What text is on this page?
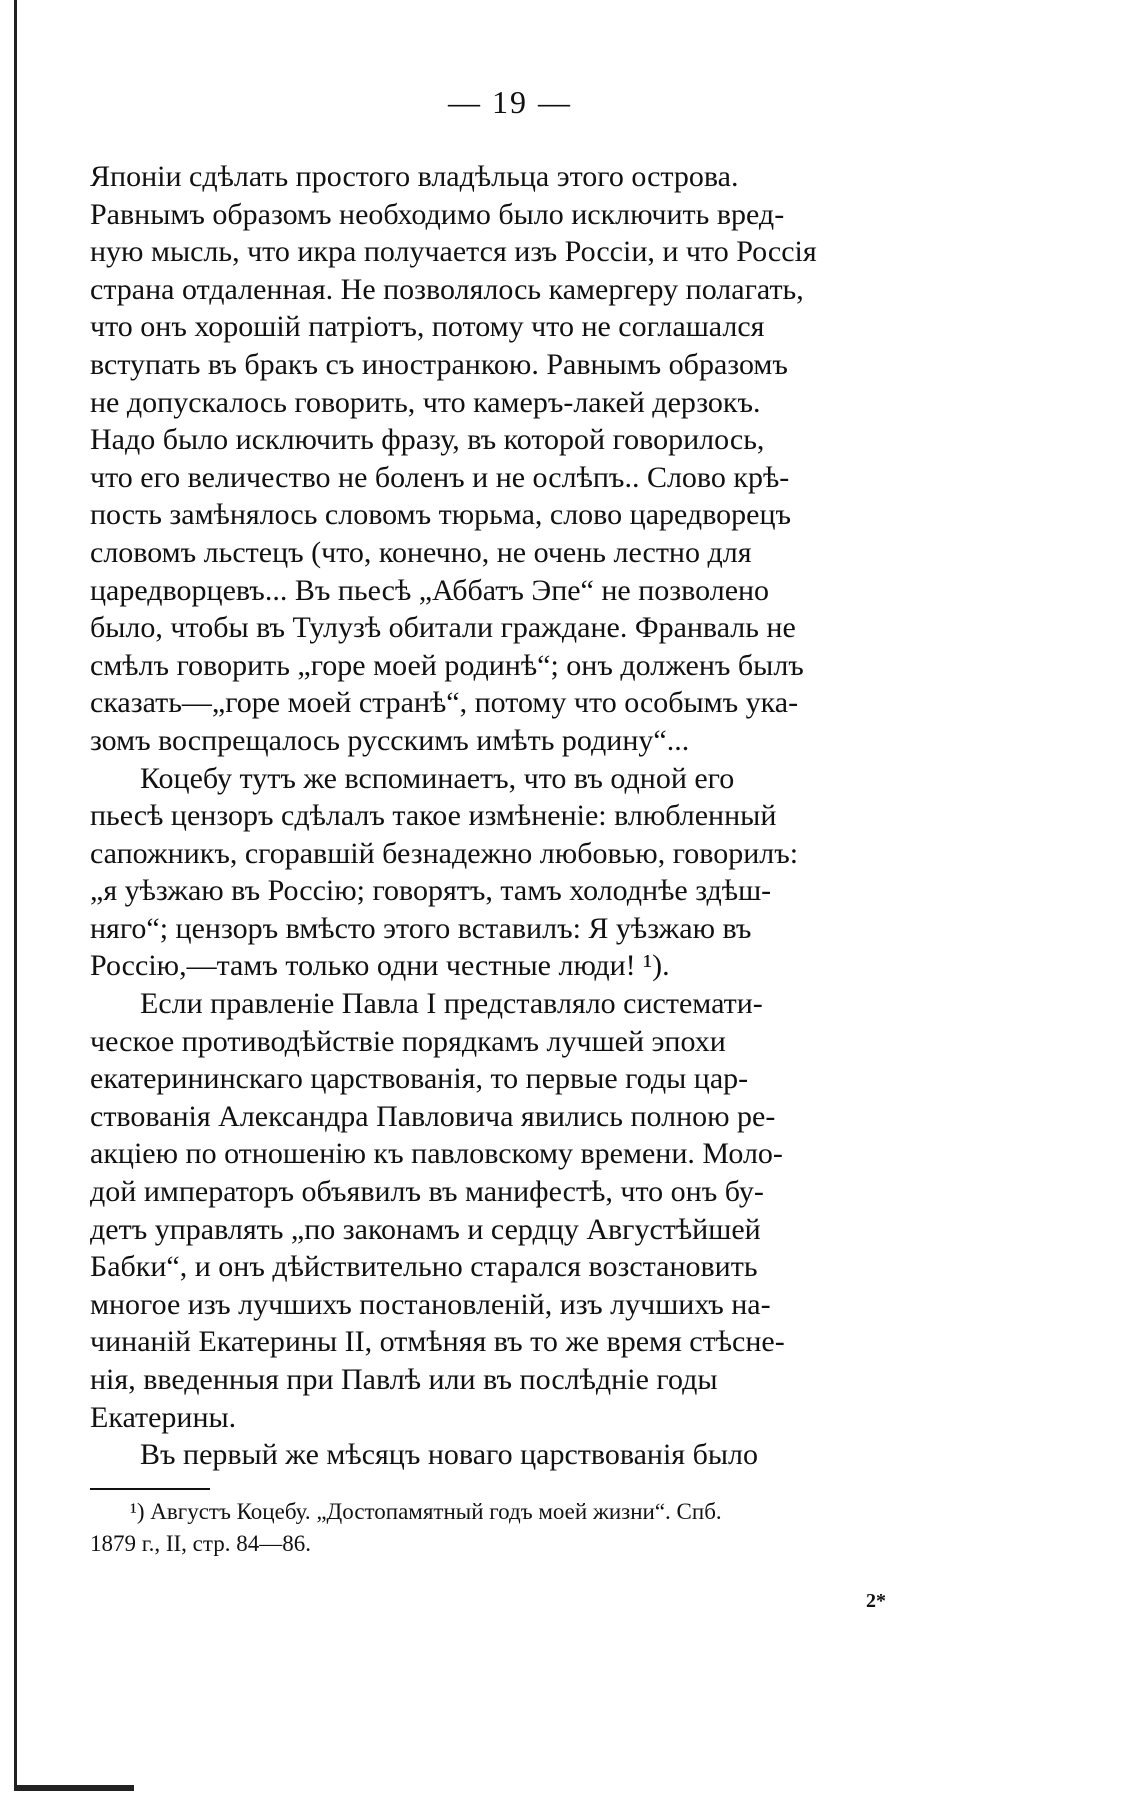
— 19 —

Японіи сдѣлать простого владѣльца этого острова.
Равнымъ образомъ необходимо было исключить вред-
ную мысль, что икра получается изъ Россіи, и что Россія
страна отдаленная. Не позволялось камергеру полагать,
что онъ хорошій патріотъ, потому что не соглашался
вступать въ бракъ съ иностранкою. Равнымъ образомъ
не допускалось говорить, что камеръ-лакей дерзокъ.
Надо было исключить фразу, въ которой говорилось,
что его величество не боленъ и не ослѣпъ.. Слово крѣ-
пость замѣнялось словомъ тюрьма, слово царедворецъ
словомъ льстецъ (что, конечно, не очень лестно для
царедворцевъ... Въ пьесѣ „Аббатъ Эпе“ не позволено
было, чтобы въ Тулузѣ обитали граждане. Франваль не
смѣлъ говорить „горе моей родинѣ“; онъ долженъ былъ
сказать—„горе моей странѣ“, потому что особымъ ука-
зомъ воспрещалось русскимъ имѣть родину“...

Коцебу тутъ же вспоминаетъ, что въ одной его
пьесѣ цензоръ сдѣлалъ такое измѣненіе: влюбленный
сапожникъ, сгоравшій безнадежно любовью, говорилъ:
„я уѣзжаю въ Россію; говорятъ, тамъ холоднѣе здѣш-
няго“; цензоръ вмѣсто этого вставилъ: Я уѣзжаю въ
Россію,—тамъ только одни честные люди! ¹).

Если правленіе Павла I представляло системати-
ческое противодѣйствіе порядкамъ лучшей эпохи
екатерининскаго царствованія, то первые годы цар-
ствованія Александра Павловича явились полною ре-
акціею по отношенію къ павловскому времени. Моло-
дой императоръ объявилъ въ манифестѣ, что онъ бу-
детъ управлять „по законамъ и сердцу Августѣйшей
Бабки“, и онъ дѣйствительно старался возстановить
многое изъ лучшихъ постановленій, изъ лучшихъ на-
чинаній Екатерины II, отмѣняя въ то же время стѣсне-
нія, введенныя при Павлѣ или въ послѣдніе годы
Екатерины.

Въ первый же мѣсяцъ новаго царствованія было

¹) Августъ Коцебу. „Достопамятный годъ моей жизни“. Спб.
1879 г., II, стр. 84—86.
2*
